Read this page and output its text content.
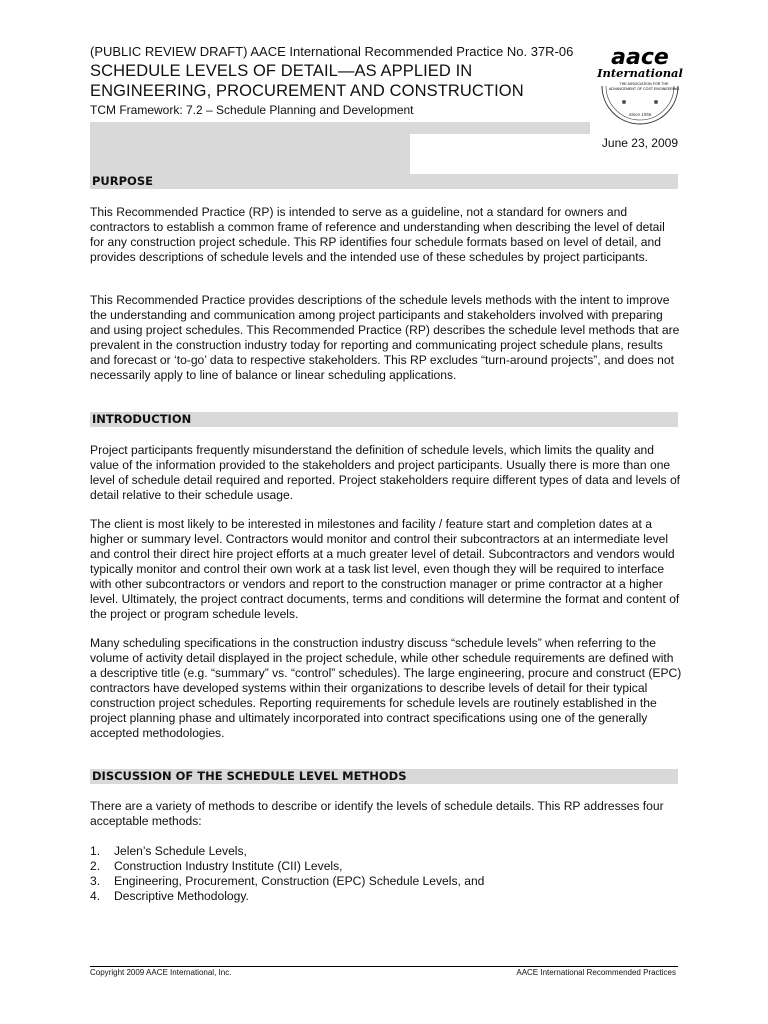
(PUBLIC REVIEW DRAFT) AACE International Recommended Practice No. 37R-06

SCHEDULE LEVELS OF DETAIL—AS APPLIED IN
ENGINEERING, PROCUREMENT AND CONSTRUCTION
TCM Framework: 7.2 – Schedule Planning and Development
aace
International
THE ASSOCIATION FOR THE
ADVANCEMENT OF COST ENGINEERING
Since 1956
June 23, 2009
PURPOSE

This Recommended Practice (RP) is intended to serve as a guideline, not a standard for owners and contractors to establish a common frame of reference and understanding when describing the level of detail for any construction project schedule. This RP identifies four schedule formats based on level of detail, and provides descriptions of schedule levels and the intended use of these schedules by project participants.

This Recommended Practice provides descriptions of the schedule levels methods with the intent to improve the understanding and communication among project participants and stakeholders involved with preparing and using project schedules. This Recommended Practice (RP) describes the schedule level methods that are prevalent in the construction industry today for reporting and communicating project schedule plans, results and forecast or ‘to-go’ data to respective stakeholders. This RP excludes “turn-around projects”, and does not necessarily apply to line of balance or linear scheduling applications.

INTRODUCTION

Project participants frequently misunderstand the definition of schedule levels, which limits the quality and value of the information provided to the stakeholders and project participants. Usually there is more than one level of schedule detail required and reported. Project stakeholders require different types of data and levels of detail relative to their schedule usage.

The client is most likely to be interested in milestones and facility / feature start and completion dates at a higher or summary level. Contractors would monitor and control their subcontractors at an intermediate level and control their direct hire project efforts at a much greater level of detail. Subcontractors and vendors would typically monitor and control their own work at a task list level, even though they will be required to interface with other subcontractors or vendors and report to the construction manager or prime contractor at a higher level. Ultimately, the project contract documents, terms and conditions will determine the format and content of the project or program schedule levels.

Many scheduling specifications in the construction industry discuss “schedule levels” when referring to the volume of activity detail displayed in the project schedule, while other schedule requirements are defined with a descriptive title (e.g. “summary” vs. “control” schedules). The large engineering, procure and construct (EPC) contractors have developed systems within their organizations to describe levels of detail for their typical construction project schedules. Reporting requirements for schedule levels are routinely established in the project planning phase and ultimately incorporated into contract specifications using one of the generally accepted methodologies.

DISCUSSION OF THE SCHEDULE LEVEL METHODS

There are a variety of methods to describe or identify the levels of schedule details. This RP addresses four acceptable methods:

1.	Jelen’s Schedule Levels,
2.	Construction Industry Institute (CII) Levels,
3.	Engineering, Procurement, Construction (EPC) Schedule Levels, and
4.	Descriptive Methodology.
Copyright 2009 AACE International, Inc.	AACE International Recommended Practices
